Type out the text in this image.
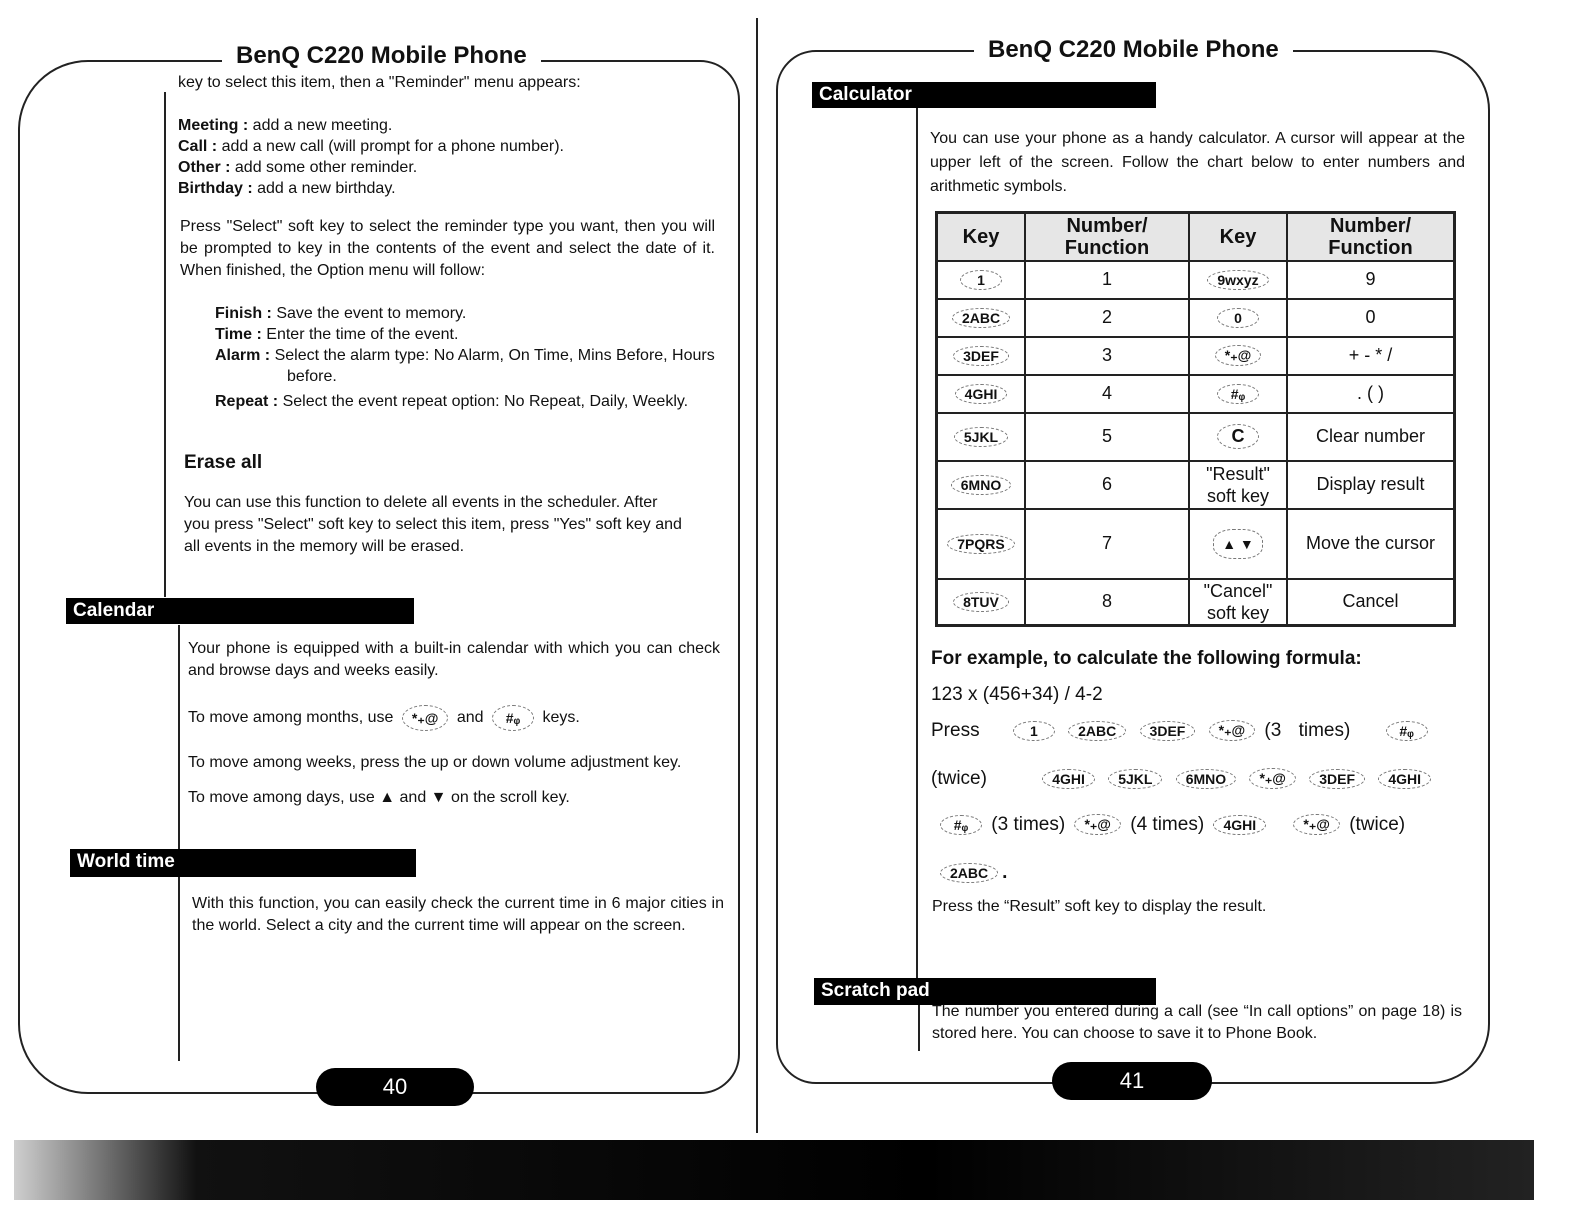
BenQ C220 Mobile Phone
key to select this item, then a "Reminder" menu appears:
Meeting : add a new meeting.
Call : add a new call (will prompt for a phone number).
Other : add some other reminder.
Birthday : add a new birthday.
Press "Select" soft key to select the reminder type you want, then you will be prompted to key in the contents of the event and select the date of it. When finished, the Option menu will follow:
Finish : Save the event to memory.
Time : Enter the time of the event.
Alarm : Select the alarm type: No Alarm, On Time, Mins Before, Hours before.
Repeat : Select the event repeat option: No Repeat, Daily, Weekly.
Erase all
You can use this function to delete all events in the scheduler. After you press "Select" soft key to select this item, press "Yes" soft key and all events in the memory will be erased.
Calendar
Your phone is equipped with a built-in calendar with which you can check and browse days and weeks easily.
To move among months, use *₊@ and #ᵩ keys.
To move among weeks, press the up or down volume adjustment key.
To move among days, use ▲ and ▼ on the scroll key.
World time
With this function, you can easily check the current time in 6 major cities in the world. Select a city and the current time will appear on the screen.
40
BenQ C220 Mobile Phone
Calculator
You can use your phone as a handy calculator. A cursor will appear at the upper left of the screen. Follow the chart below to enter numbers and arithmetic symbols.
Key	Number/ Function	Key	Number/ Function
1	1	9wxyz	9
2ABC	2	0	0
3DEF	3	*₊@	+ - * /
4GHI	4	#ᵩ	. ( )
5JKL	5	C	Clear number
6MNO	6	"Result" soft key	Display result
7PQRS	7	▲ ▼	Move the cursor
8TUV	8	"Cancel" soft key	Cancel
For example, to calculate the following formula:
123 x (456+34) / 4-2
Press	1	2ABC 3DEF *₊@ (3 times)	#ᵩ
(twice)	4GHI 5JKL 6MNO *₊@ 3DEF 4GHI
#ᵩ (3 times) *₊@ (4 times) 4GHI	*₊@ (twice)
2ABC .
Press the “Result” soft key to display the result.
Scratch pad
The number you entered during a call (see “In call options” on page 18) is stored here. You can choose to save it to Phone Book.
41
